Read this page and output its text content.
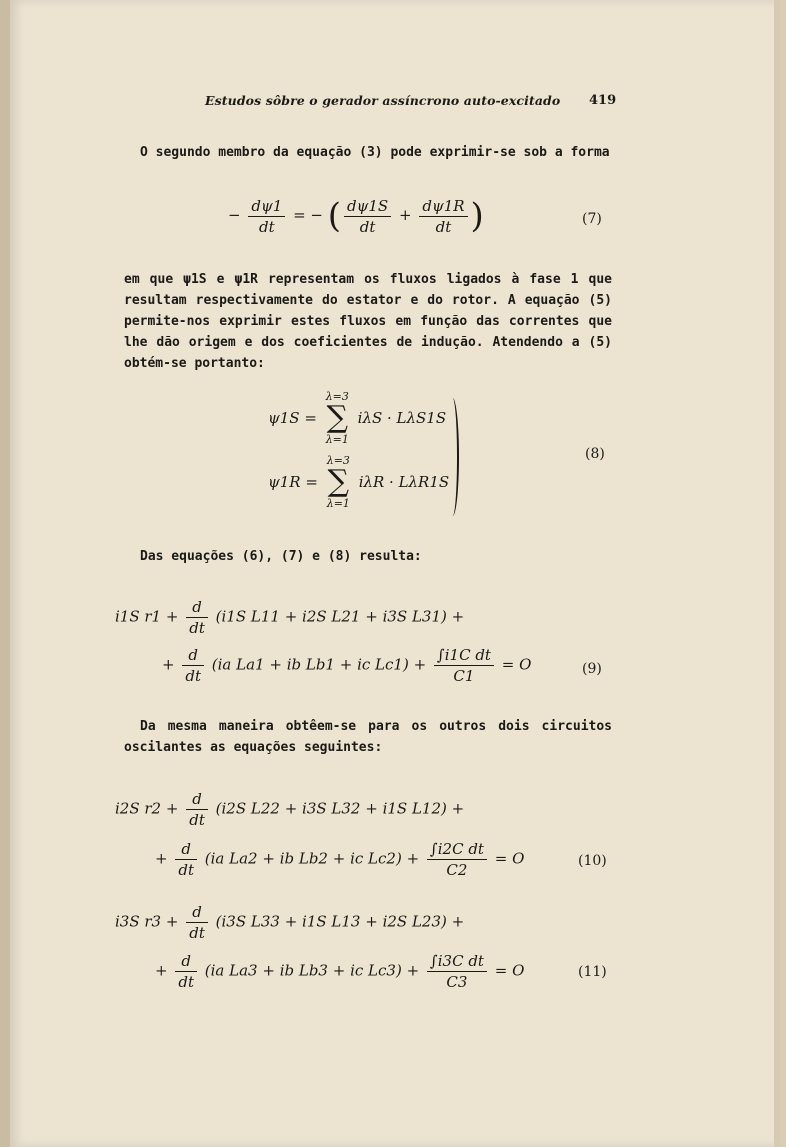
Estudos sôbre o gerador assíncrono auto-excitado 419

O segundo membro da equação (3) pode exprimir-se sob a forma

− $\frac{d\psi 1}{dt}$ = − ( $\frac{d\psi 1S}{dt} + \frac{d\psi 1R}{dt}$ )	(7)

em que ψ1S e ψ1R representam os fluxos ligados à fase 1 que resultam respectivamente do estator e do rotor. A equação (5) permite-nos exprimir estes fluxos em função das correntes que lhe dão origem e dos coeficientes de indução. Atendendo a (5) obtém-se portanto:

ψ1S =
λ=3
∑
λ=1
iλS · LλS1S
ψ1R =
λ=3
∑
λ=1
iλR · LλR1S
(8)

Das equações (6), (7) e (8) resulta:

i1S $r1 + \frac{d}{dt} (i1S$ L11 + i2S L21 + i3S L31) +
+ $\frac{d}{dt} (ia$ La1 + ib Lb1 + ic $Lc1) + \frac{\text{∫i1C dt}}{C1} = O$	(9)

Da mesma maneira obtêem-se para os outros dois circuitos oscilantes as equações seguintes:

i2S $r2 + \frac{d}{dt} (i2S$ L22 + i3S L32 + i1S L12) +
+ $\frac{d}{dt} (ia$ La2 + ib Lb2 + ic $Lc2) + \frac{\text{∫i2C dt}}{C2} = O$	(10)
i3S $r3 + \frac{d}{dt} (i3S$ L33 + i1S L13 + i2S L23) +
+ $\frac{d}{dt} (ia$ La3 + ib Lb3 + ic $Lc3) + \frac{\text{∫i3C dt}}{C3} = O$	(11)
